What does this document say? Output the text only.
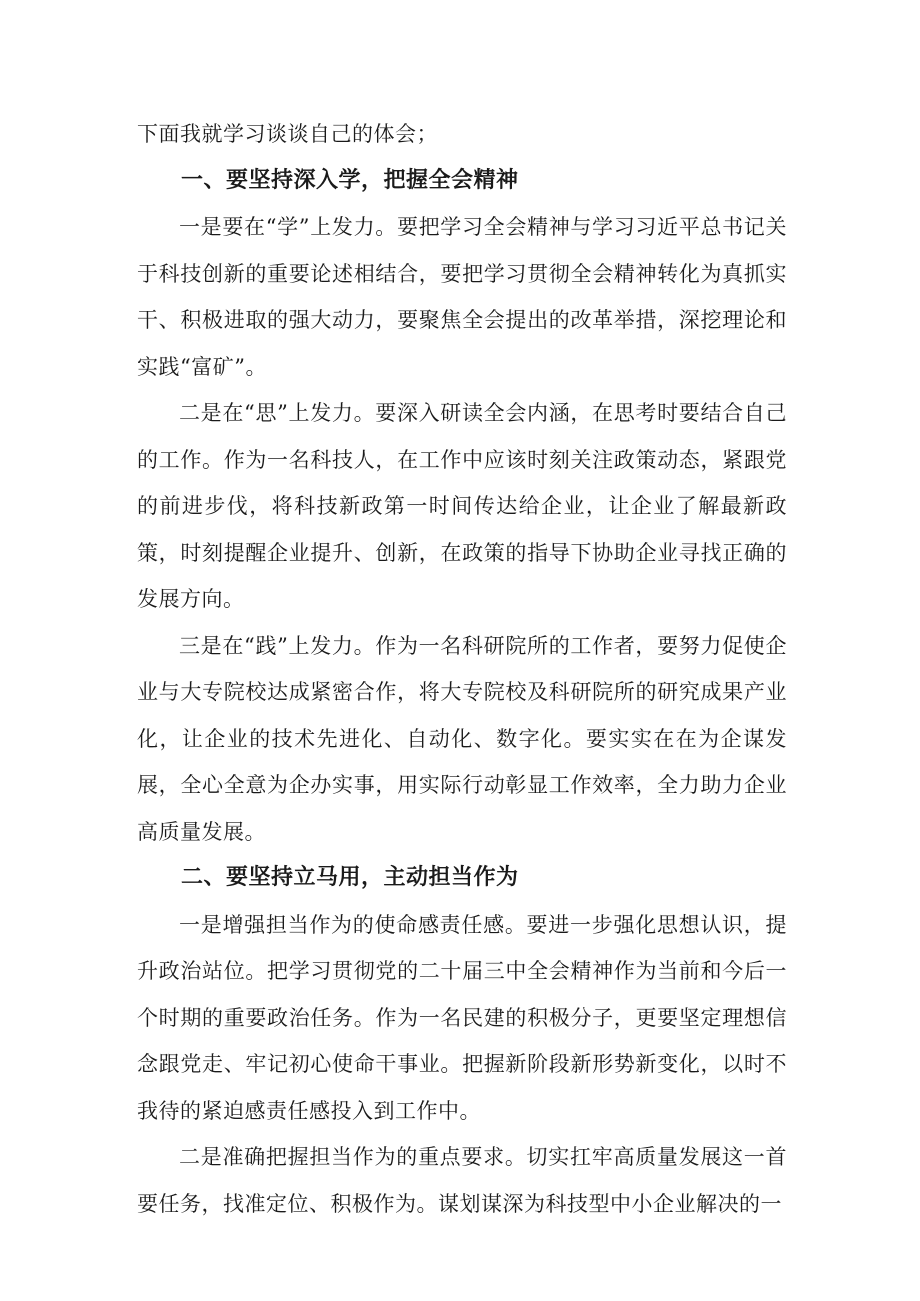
下面我就学习谈谈自己的体会；

一、要坚持深入学，把握全会精神

一是要在“学”上发力。要把学习全会精神与学习习近平总书记关于科技创新的重要论述相结合，要把学习贯彻全会精神转化为真抓实干、积极进取的强大动力，要聚焦全会提出的改革举措，深挖理论和实践“富矿”。

二是在“思”上发力。要深入研读全会内涵，在思考时要结合自己的工作。作为一名科技人，在工作中应该时刻关注政策动态，紧跟党的前进步伐，将科技新政第一时间传达给企业，让企业了解最新政策，时刻提醒企业提升、创新，在政策的指导下协助企业寻找正确的发展方向。

三是在“践”上发力。作为一名科研院所的工作者，要努力促使企业与大专院校达成紧密合作，将大专院校及科研院所的研究成果产业化，让企业的技术先进化、自动化、数字化。要实实在在为企谋发展，全心全意为企办实事，用实际行动彰显工作效率，全力助力企业高质量发展。

二、要坚持立马用，主动担当作为

一是增强担当作为的使命感责任感。要进一步强化思想认识，提升政治站位。把学习贯彻党的二十届三中全会精神作为当前和今后一个时期的重要政治任务。作为一名民建的积极分子，更要坚定理想信念跟党走、牢记初心使命干事业。把握新阶段新形势新变化，以时不我待的紧迫感责任感投入到工作中。

二是准确把握担当作为的重点要求。切实扛牢高质量发展这一首要任务，找准定位、积极作为。谋划谋深为科技型中小企业解决的一
